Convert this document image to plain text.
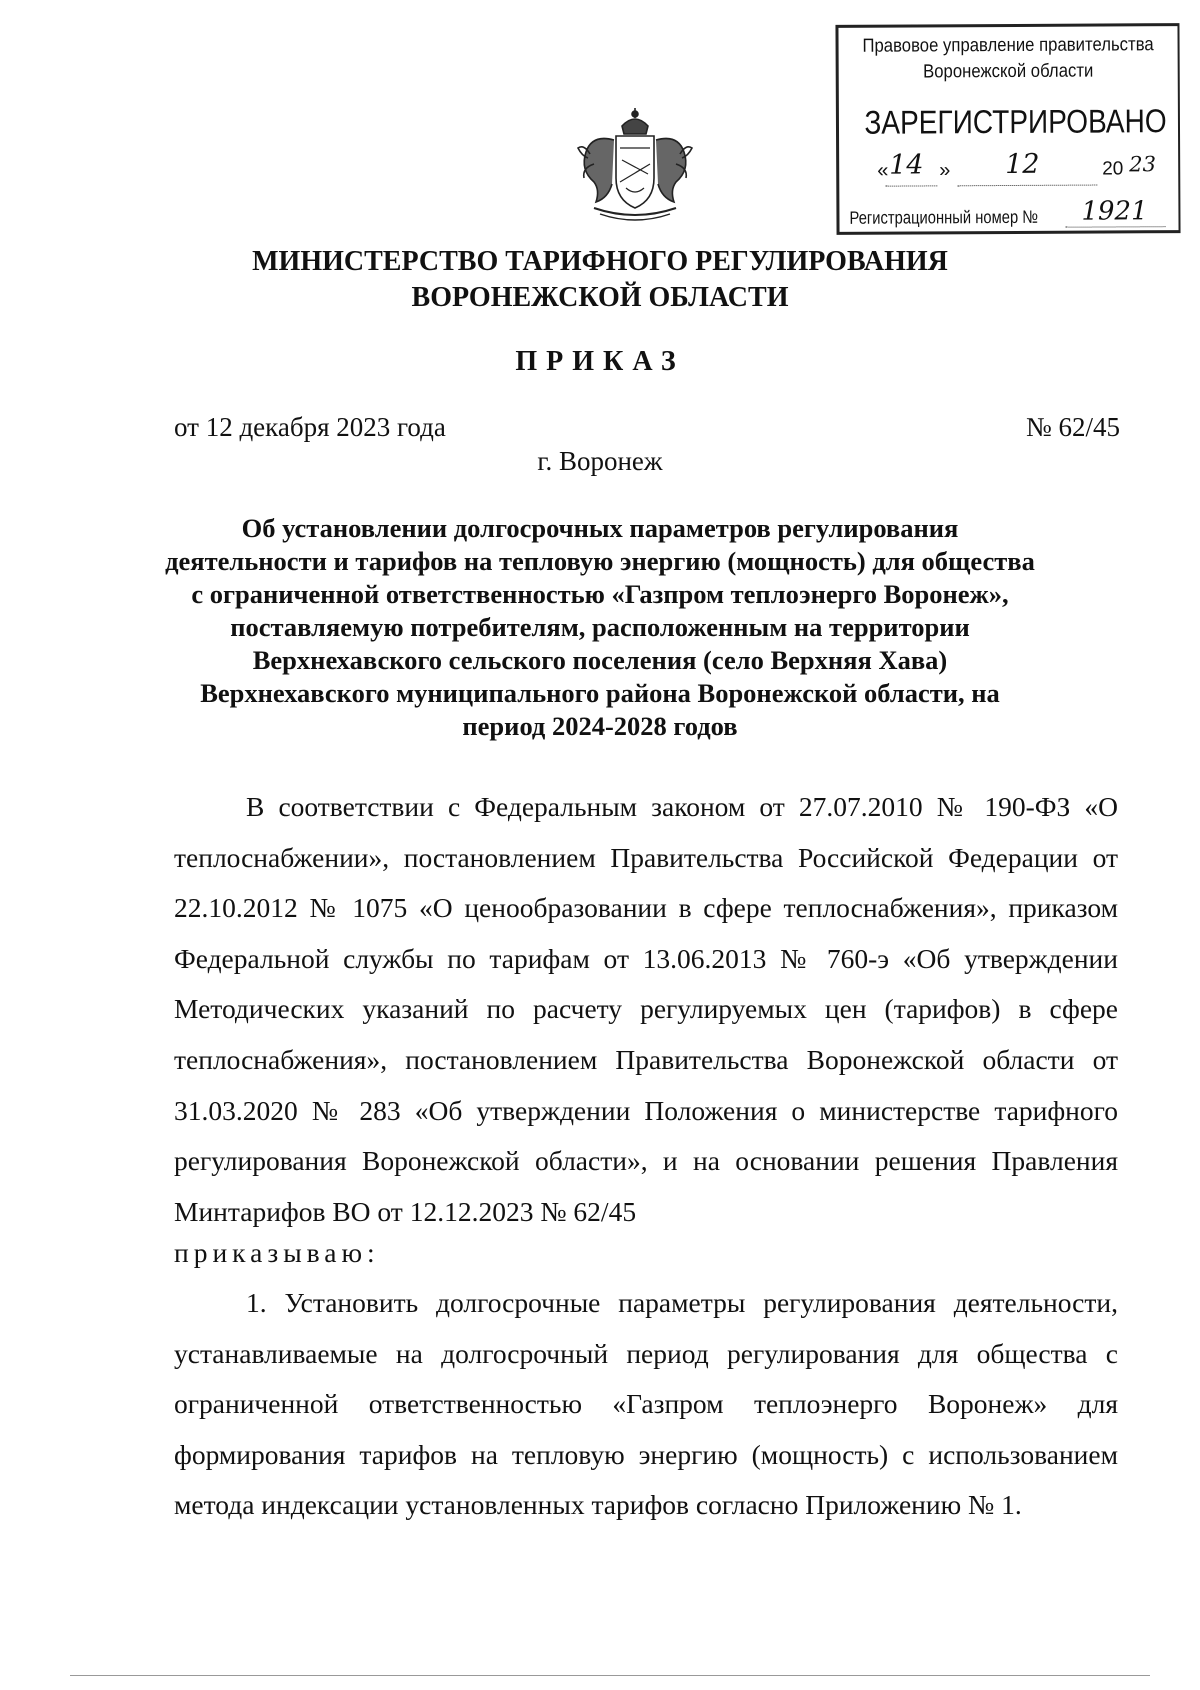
Правовое управление правительства
Воронежской области
ЗАРЕГИСТРИРОВАНО
« 14 » 12	20 23
Регистрационный номер № 1921
МИНИСТЕРСТВО ТАРИФНОГО РЕГУЛИРОВАНИЯ
ВОРОНЕЖСКОЙ ОБЛАСТИ
ПРИКАЗ
от 12 декабря 2023 года	№ 62/45
г. Воронеж
Об установлении долгосрочных параметров регулирования
деятельности и тарифов на тепловую энергию (мощность) для общества
с ограниченной ответственностью «Газпром теплоэнерго Воронеж»,
поставляемую потребителям, расположенным на территории
Верхнехавского сельского поселения (село Верхняя Хава)
Верхнехавского муниципального района Воронежской области, на
период 2024-2028 годов
В соответствии с Федеральным законом от 27.07.2010 № 190-ФЗ «О теплоснабжении», постановлением Правительства Российской Федерации от 22.10.2012 № 1075 «О ценообразовании в сфере теплоснабжения», приказом Федеральной службы по тарифам от 13.06.2013 № 760-э «Об утверждении Методических указаний по расчету регулируемых цен (тарифов) в сфере теплоснабжения», постановлением Правительства Воронежской области от 31.03.2020 № 283 «Об утверждении Положения о министерстве тарифного регулирования Воронежской области», и на основании решения Правления Минтарифов ВО от 12.12.2023 № 62/45
приказываю:
1. Установить долгосрочные параметры регулирования деятельности, устанавливаемые на долгосрочный период регулирования для общества с ограниченной ответственностью «Газпром теплоэнерго Воронеж» для формирования тарифов на тепловую энергию (мощность) с использованием метода индексации установленных тарифов согласно Приложению № 1.
